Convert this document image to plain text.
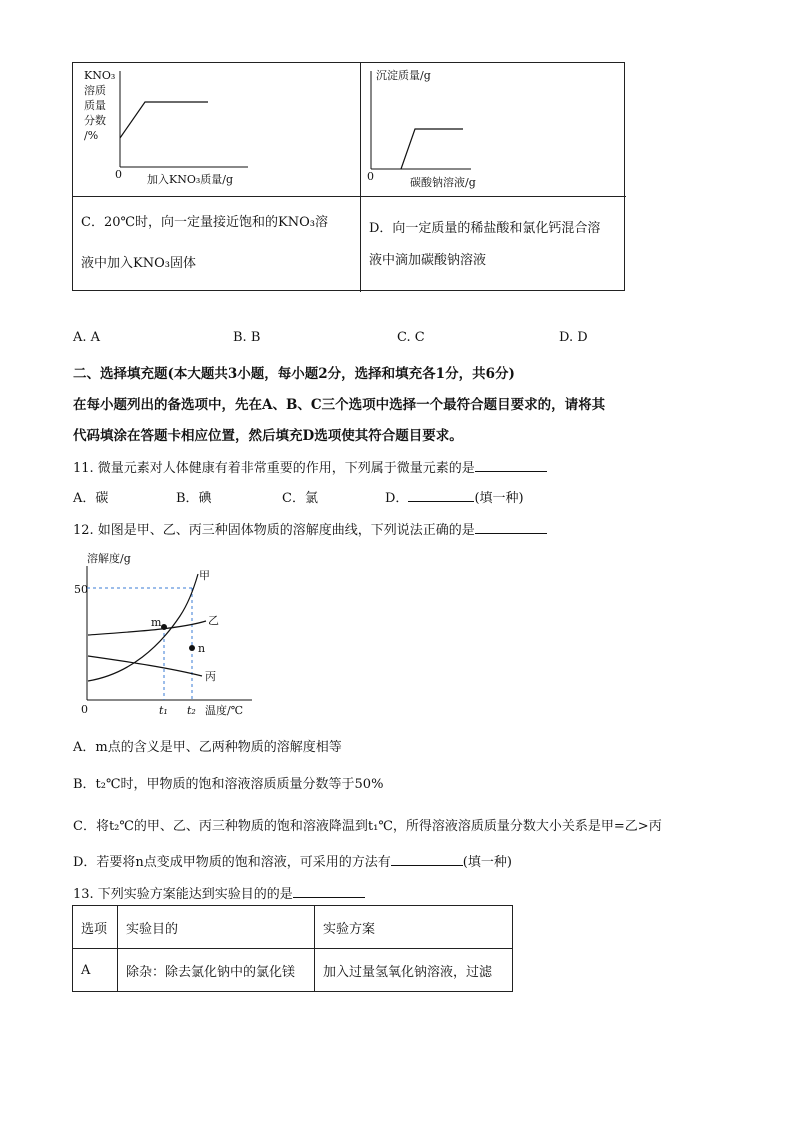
KNO₃
溶质
质量
分数
/%
0 加入KNO₃质量/g
沉淀质量/g
0	碳酸钠溶液/g
C．20℃时，向一定量接近饱和的KNO₃溶
液中加入KNO₃固体
D．向一定质量的稀盐酸和氯化钙混合溶
液中滴加碳酸钠溶液
A. A	B. B	C. C	D. D
二、选择填充题(本大题共3小题，每小题2分，选择和填充各1分，共6分)
在每小题列出的备选项中，先在A、B、C三个选项中选择一个最符合题目要求的，请将其
代码填涂在答题卡相应位置，然后填充D选项使其符合题目要求。
11. 微量元素对人体健康有着非常重要的作用，下列属于微量元素的是
A．碳	B．碘	C．氯	D．	(填一种)
12. 如图是甲、乙、丙三种固体物质的溶解度曲线，下列说法正确的是
溶解度/g
50
m
n
甲
乙
丙
0	t₁ t₂ 温度/℃
A．m点的含义是甲、乙两种物质的溶解度相等
B．t₂℃时，甲物质的饱和溶液溶质质量分数等于50%
C．将t₂℃的甲、乙、丙三种物质的饱和溶液降温到t₁℃，所得溶液溶质质量分数大小关系是甲=乙>丙
D．若要将n点变成甲物质的饱和溶液，可采用的方法有	(填一种)
13. 下列实验方案能达到实验目的的是
选项	实验目的	实验方案
A	除杂：除去氯化钠中的氯化镁	加入过量氢氧化钠溶液，过滤
